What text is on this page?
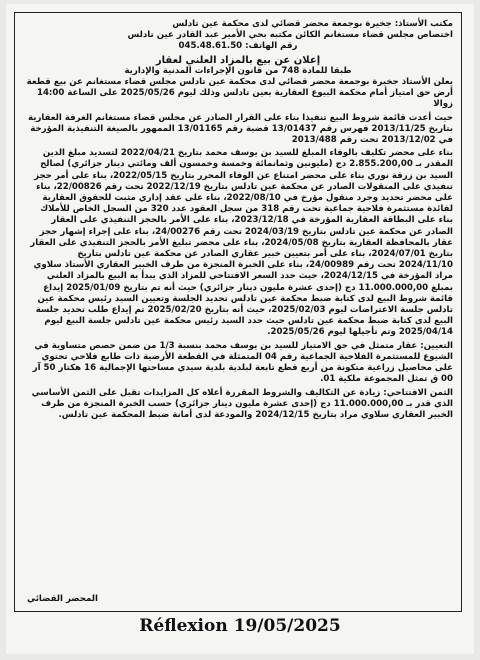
مكتب الأستاذ: جخيرة بوجمعة محضر قضائي لدى محكمة عين تادلس
اختصاص مجلس قضاء مستغانم الكائن مكتبه بحي الأمير عبد القادر عين تادلس
رقم الهاتف: 045.48.61.50
إعلان عن بيع بالمزاد العلني لعقار
طبقا للمادة 748 من قانون الإجراءات المدنية والإدارية

يعلن الأستاذ جخيرة بوجمعة محضر قضائي لدى محكمة عين تادلس مجلس قضاء مستغانم عن بيع قطعة أرض حق امتياز أمام محكمة البيوع العقارية بعين تادلس وذلك ليوم 2025/05/26 على الساعة 14:00 زوالا

حيث أعدت قائمة شروط البيع تنفيذا بناء على القرار الصادر عن مجلس قضاء مستغانم الغرفة العقارية بتاريخ 2013/11/25 فهرس رقم 13/01437 قضية رقم 13/01165 الممهور بالصيغة التنفيذية المؤرخة في 2013/12/02 تحت رقم 2013/488

بناء على محضر تكليف بالوفاء المبلغ للسيد بن يوسف محمد بتاريخ 2022/04/21 لتسديد مبلغ الدين المقدر بـ 2.855.200,00 دج (مليونين وثمانمائة وخمسة وخمسون ألف ومائتي دينار جزائري) لصالح السيد بن زرقة نوري بناء على محضر امتناع عن الوفاء المحرر بتاريخ 2022/05/15، بناء على أمر حجز تنفيذي على المنقولات الصادر عن محكمة عين تادلس بتاريخ 2022/12/19 تحت رقم 22/00826، بناء على محضر تحديد وجرد منقول مؤرخ في 2022/08/10، بناء على عقد إداري مثبت للحقوق العقارية لفائدة مستثمرة فلاحية جماعية تحت رقم 318 من سجل العقود عدد 320 من السجل الخاص للأملاك بناء على البطاقة العقارية المؤرخة في 2023/12/18، بناء على الأمر بالحجز التنفيذي على العقار الصادر عن محكمة عين تادلس بتاريخ 2024/03/19 تحت رقم 24/00276، بناء على إجراء إشهار حجز عقار بالمحافظة العقارية بتاريخ 2024/05/08، بناء على محضر تبليغ الأمر بالحجز التنفيذي على العقار بتاريخ 2024/07/01، بناء على أمر بتعيين خبير عقاري الصادر عن محكمة عين تادلس بتاريخ 2024/11/10 تحت رقم 24/00989، بناء على الخبرة المنجزة من طرف الخبير العقاري الأستاذ سلاوي مراد المؤرخة في 2024/12/15، حيث حدد السعر الافتتاحي للمزاد الذي يبدأ به البيع بالمزاد العلني بمبلغ 11.000.000,00 دج (إحدى عشرة مليون دينار جزائري) حيث أنه تم بتاريخ 2025/01/09 إيداع قائمة شروط البيع لدى كتابة ضبط محكمة عين تادلس تحديد الجلسة وتعيين السيد رئيس محكمة عين تادلس جلسة الاعتراضات ليوم 2025/02/03، حيث أنه بتاريخ 2025/02/20 تم إيداع طلب تحديد جلسة البيع لدى كتابة ضبط محكمة عين تادلس حيث حدد السيد رئيس محكمة عين تادلس جلسة البيع ليوم 2025/04/14 وتم تأجيلها ليوم 2025/05/26.

التعيين: عقار متمثل في حق الامتياز للسيد بن يوسف محمد بنسبة 1/3 من ضمن حصص متساوية في الشيوع للمستثمرة الفلاحية الجماعية رقم 04 المتمثلة في القطعة الأرضية ذات طابع فلاحي تحتوي على محاصيل زراعية متكونة من أربع قطع تابعة لبلدية بلدية سيدي مساحتها الإجمالية 16 هكتار 50 آر 00 ق تمثل المجموعة ملكية 01.

الثمن الافتتاحي: زيادة عن التكاليف والشروط المقررة أعلاه كل المزايدات تقبل على الثمن الأساسي الذي قدر بـ 11.000.000,00 دج (إحدى عشرة مليون دينار جزائري) حسب الخبرة المنجزة من طرف الخبير العقاري سلاوي مراد بتاريخ 2024/12/15 والمودعة لدى أمانة ضبط المحكمة عين تادلس.

المحضر القضائي
Réflexion 19/05/2025
